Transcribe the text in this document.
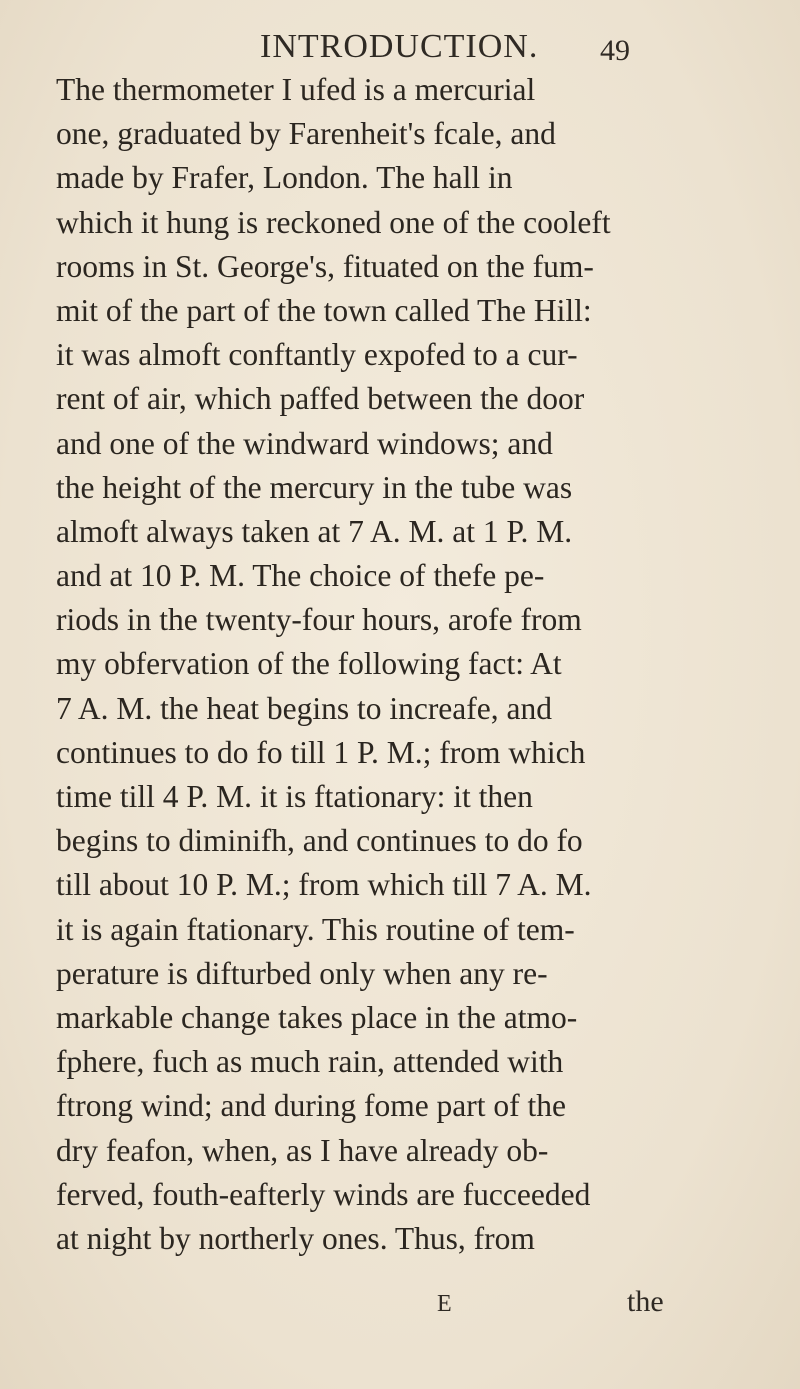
INTRODUCTION. 49
The thermometer I ufed is a mercurial
one, graduated by Farenheit's fcale, and
made by Frafer, London. The hall in
which it hung is reckoned one of the cooleft
rooms in St. George's, fituated on the fum-
mit of the part of the town called The Hill:
it was almoft conftantly expofed to a cur-
rent of air, which paffed between the door
and one of the windward windows; and
the height of the mercury in the tube was
almoft always taken at 7 A. M. at 1 P. M.
and at 10 P. M. The choice of thefe pe-
riods in the twenty-four hours, arofe from
my obfervation of the following fact: At
7 A. M. the heat begins to increafe, and
continues to do fo till 1 P. M.; from which
time till 4 P. M. it is ftationary: it then
begins to diminifh, and continues to do fo
till about 10 P. M.; from which till 7 A. M.
it is again ftationary. This routine of tem-
perature is difturbed only when any re-
markable change takes place in the atmo-
fphere, fuch as much rain, attended with
ftrong wind; and during fome part of the
dry feafon, when, as I have already ob-
ferved, fouth-eafterly winds are fucceeded
at night by northerly ones. Thus, from
E	the
